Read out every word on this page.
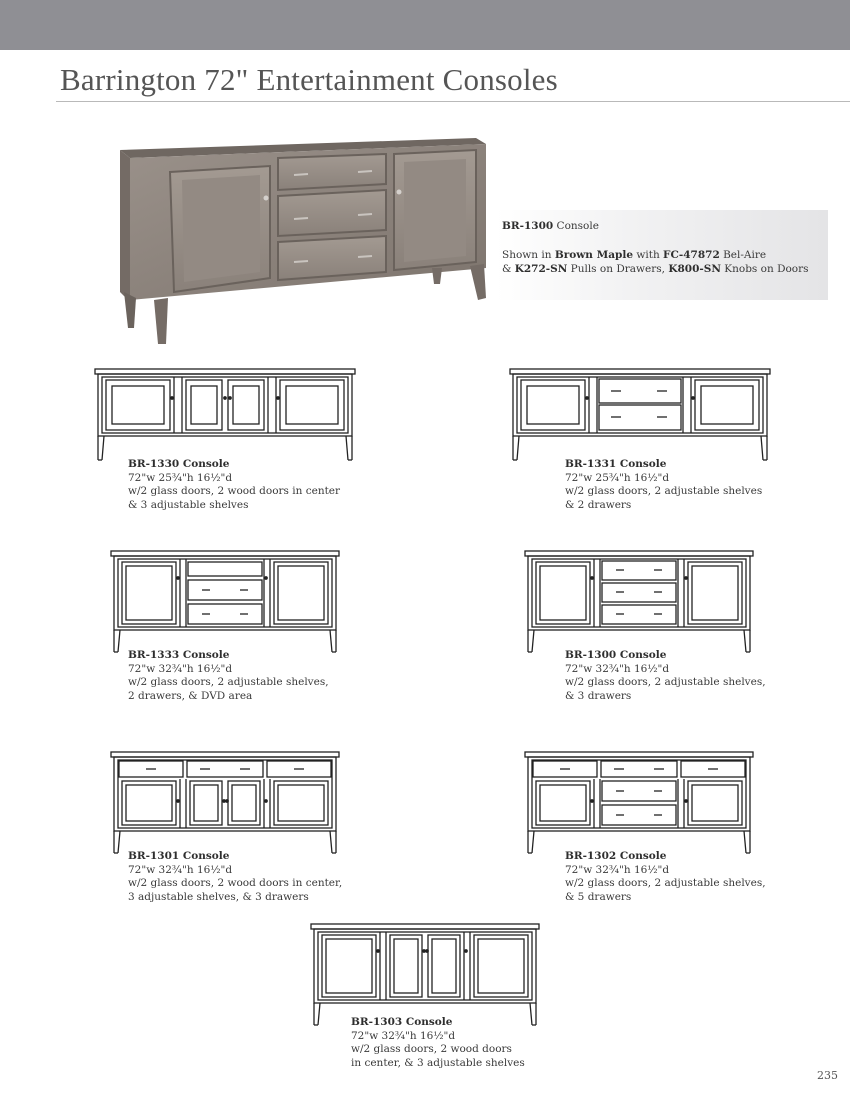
Barrington 72" Entertainment Consoles
BR-1300 Console
Shown in Brown Maple with FC-47872 Bel-Aire
& K272-SN Pulls on Drawers, K800-SN Knobs on Doors
BR-1330 Console
72"w 25¾"h 16½"d
w/2 glass doors, 2 wood doors in center
& 3 adjustable shelves
BR-1331 Console
72"w 25¾"h 16½"d
w/2 glass doors, 2 adjustable shelves
& 2 drawers
BR-1333 Console
72"w 32¾"h 16½"d
w/2 glass doors, 2 adjustable shelves,
2 drawers, & DVD area
BR-1300 Console
72"w 32¾"h 16½"d
w/2 glass doors, 2 adjustable shelves,
& 3 drawers
BR-1301 Console
72"w 32¾"h 16½"d
w/2 glass doors, 2 wood doors in center,
3 adjustable shelves, & 3 drawers
BR-1302 Console
72"w 32¾"h 16½"d
w/2 glass doors, 2 adjustable shelves,
& 5 drawers
BR-1303 Console
72"w 32¾"h 16½"d
w/2 glass doors, 2 wood doors
in center, & 3 adjustable shelves
235
